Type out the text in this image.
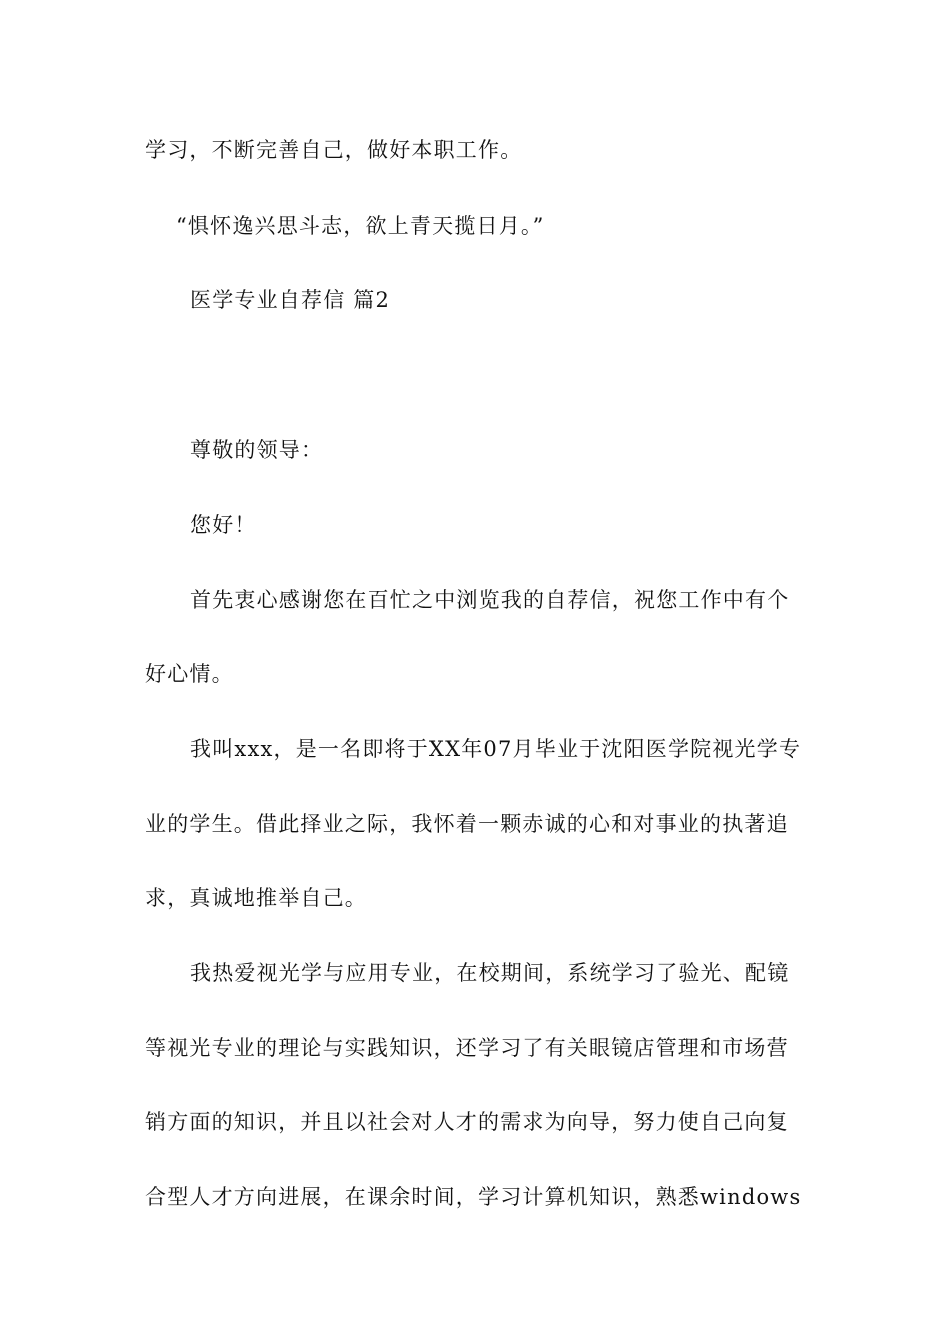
学习，不断完善自己，做好本职工作。
“惧怀逸兴思斗志，欲上青天揽日月。”
医学专业自荐信 篇2
尊敬的领导：
您好！
首先衷心感谢您在百忙之中浏览我的自荐信，祝您工作中有个
好心情。
我叫xxx，是一名即将于XX年07月毕业于沈阳医学院视光学专
业的学生。借此择业之际，我怀着一颗赤诚的心和对事业的执著追
求，真诚地推举自己。
我热爱视光学与应用专业，在校期间，系统学习了验光、配镜
等视光专业的理论与实践知识，还学习了有关眼镜店管理和市场营
销方面的知识，并且以社会对人才的需求为向导，努力使自己向复
合型人才方向进展，在课余时间，学习计算机知识，熟悉windows
